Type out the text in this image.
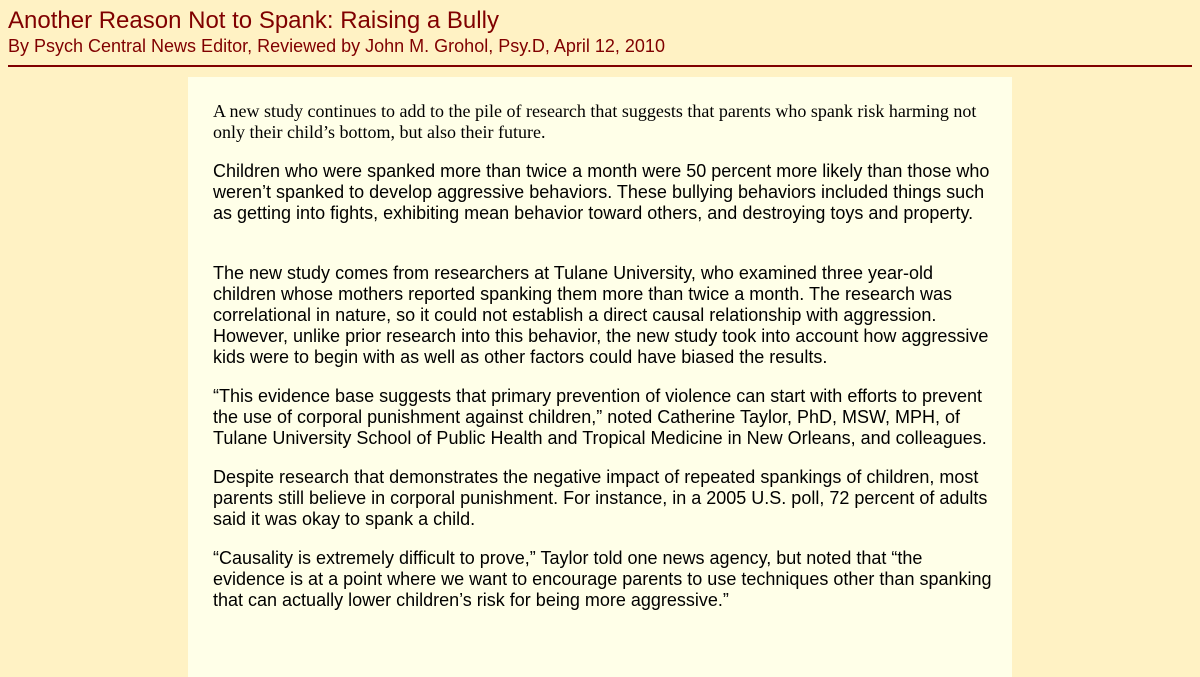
Another Reason Not to Spank: Raising a Bully
By Psych Central News Editor, Reviewed by John M. Grohol, Psy.D, April 12, 2010

A new study continues to add to the pile of research that suggests that parents who spank risk harming not only their child’s bottom, but also their future.

Children who were spanked more than twice a month were 50 percent more likely than those who weren’t spanked to develop aggressive behaviors. These bullying behaviors included things such as getting into fights, exhibiting mean behavior toward others, and destroying toys and property.

The new study comes from researchers at Tulane University, who examined three year-old children whose mothers reported spanking them more than twice a month. The research was correlational in nature, so it could not establish a direct causal relationship with aggression. However, unlike prior research into this behavior, the new study took into account how aggressive kids were to begin with as well as other factors could have biased the results.

“This evidence base suggests that primary prevention of violence can start with efforts to prevent the use of corporal punishment against children,” noted Catherine Taylor, PhD, MSW, MPH, of Tulane University School of Public Health and Tropical Medicine in New Orleans, and colleagues.

Despite research that demonstrates the negative impact of repeated spankings of children, most parents still believe in corporal punishment. For instance, in a 2005 U.S. poll, 72 percent of adults said it was okay to spank a child.

“Causality is extremely difficult to prove,” Taylor told one news agency, but noted that “the evidence is at a point where we want to encourage parents to use techniques other than spanking that can actually lower children’s risk for being more aggressive.”
